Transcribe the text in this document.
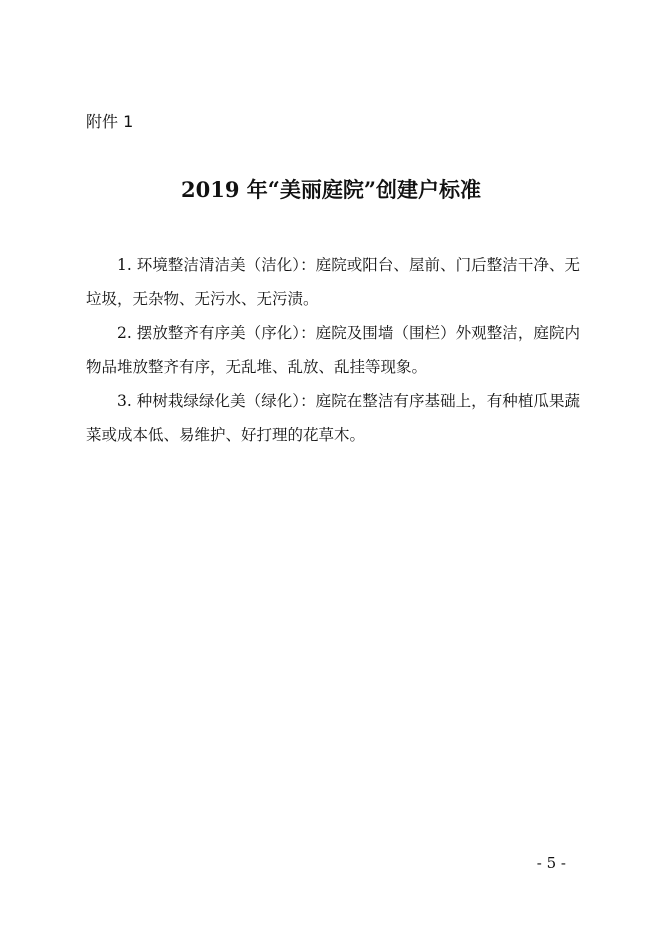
附件 1
2019 年“美丽庭院”创建户标准

1. 环境整洁清洁美（洁化）：庭院或阳台、屋前、门后整洁干净、无垃圾，无杂物、无污水、无污渍。

2. 摆放整齐有序美（序化）：庭院及围墙（围栏）外观整洁，庭院内物品堆放整齐有序，无乱堆、乱放、乱挂等现象。

3. 种树栽绿绿化美（绿化）：庭院在整洁有序基础上，有种植瓜果蔬菜或成本低、易维护、好打理的花草木。

- 5 -
